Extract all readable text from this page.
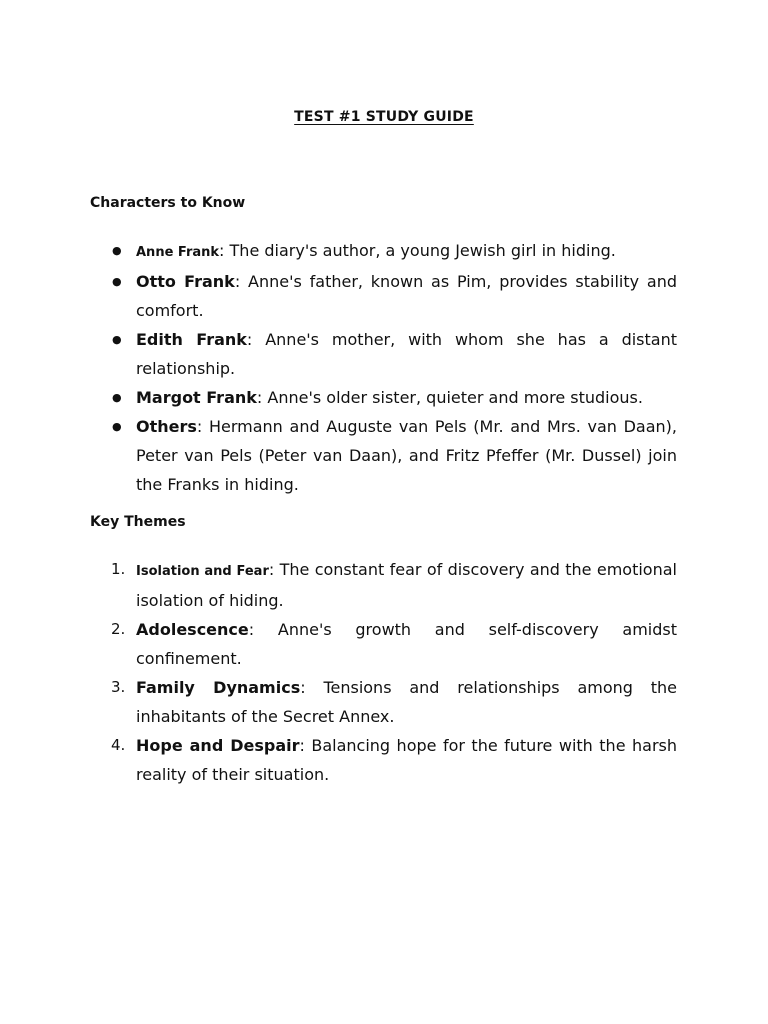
TEST #1 STUDY GUIDE
Characters to Know
●	Anne Frank: The diary's author, a young Jewish girl in hiding.
● Otto Frank: Anne's father, known as Pim, provides stability and comfort.
● Edith Frank: Anne's mother, with whom she has a distant relationship.
● Margot Frank: Anne's older sister, quieter and more studious.
● Others: Hermann and Auguste van Pels (Mr. and Mrs. van Daan), Peter van Pels (Peter van Daan), and Fritz Pfeffer (Mr. Dussel) join the Franks in hiding.
Key Themes
1. Isolation and Fear: The constant fear of discovery and the emotional isolation of hiding.
2. Adolescence: Anne's growth and self-discovery amidst confinement.
3. Family Dynamics: Tensions and relationships among the inhabitants of the Secret Annex.
4. Hope and Despair: Balancing hope for the future with the harsh reality of their situation.
